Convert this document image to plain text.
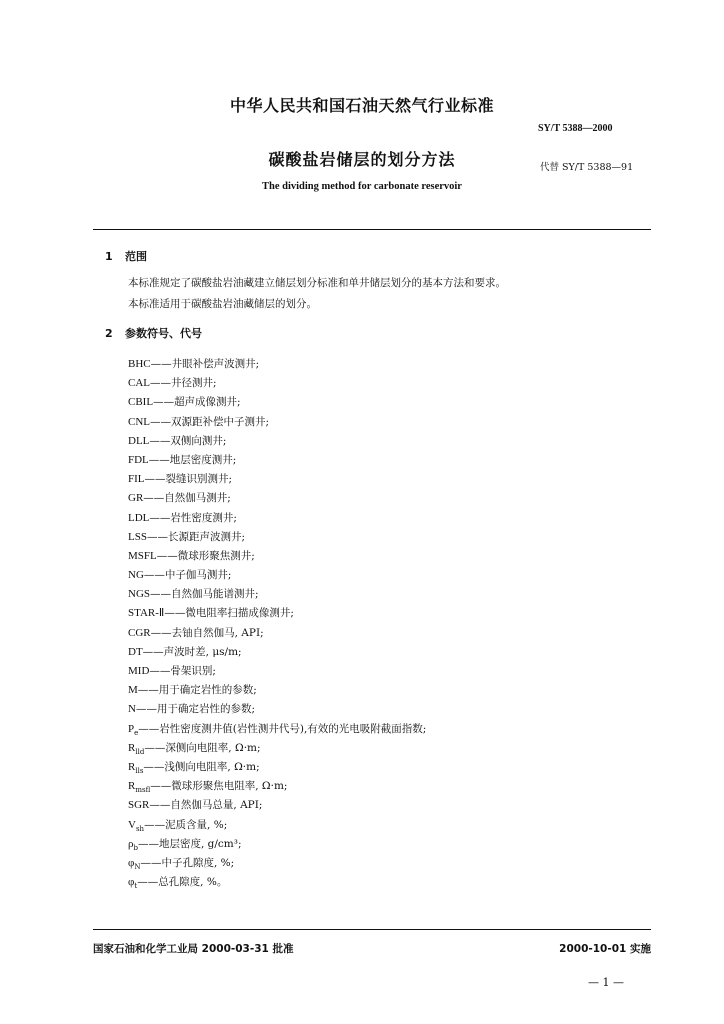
中华人民共和国石油天然气行业标准
SY/T 5388—2000
碳酸盐岩储层的划分方法	代替 SY/T 5388—91
The dividing method for carbonate reservoir
1 范围
本标准规定了碳酸盐岩油藏建立储层划分标准和单井储层划分的基本方法和要求。
本标准适用于碳酸盐岩油藏储层的划分。
2 参数符号、代号
BHC——井眼补偿声波测井;
CAL——井径测井;
CBIL——超声成像测井;
CNL——双源距补偿中子测井;
DLL——双侧向测井;
FDL——地层密度测井;
FIL——裂缝识别测井;
GR——自然伽马测井;
LDL——岩性密度测井;
LSS——长源距声波测井;
MSFL——微球形聚焦测井;
NG——中子伽马测井;
NGS——自然伽马能谱测井;
STAR-Ⅱ——微电阻率扫描成像测井;
CGR——去铀自然伽马, API;
DT——声波时差, μs/m;
MID——骨架识别;
M——用于确定岩性的参数;
N——用于确定岩性的参数;
$P_e——$岩性密度测井值(岩性测井代号),有效的光电吸附截面指数;
$R_{lld}——$深侧向电阻率, Ω·m;
$R_{lls}——$浅侧向电阻率, Ω·m;
$R_{msfl}——$微球形聚焦电阻率, Ω·m;
SGR——自然伽马总量, API;
$V_{sh}——$泥质含量, %;
$\rho_b——$地层密度, g/cm³;
$\varphi_N——$中子孔隙度, %;
$\varphi_t——$总孔隙度, %。
国家石油和化学工业局 2000-03-31 批准	2000-10-01 实施
— 1 —
